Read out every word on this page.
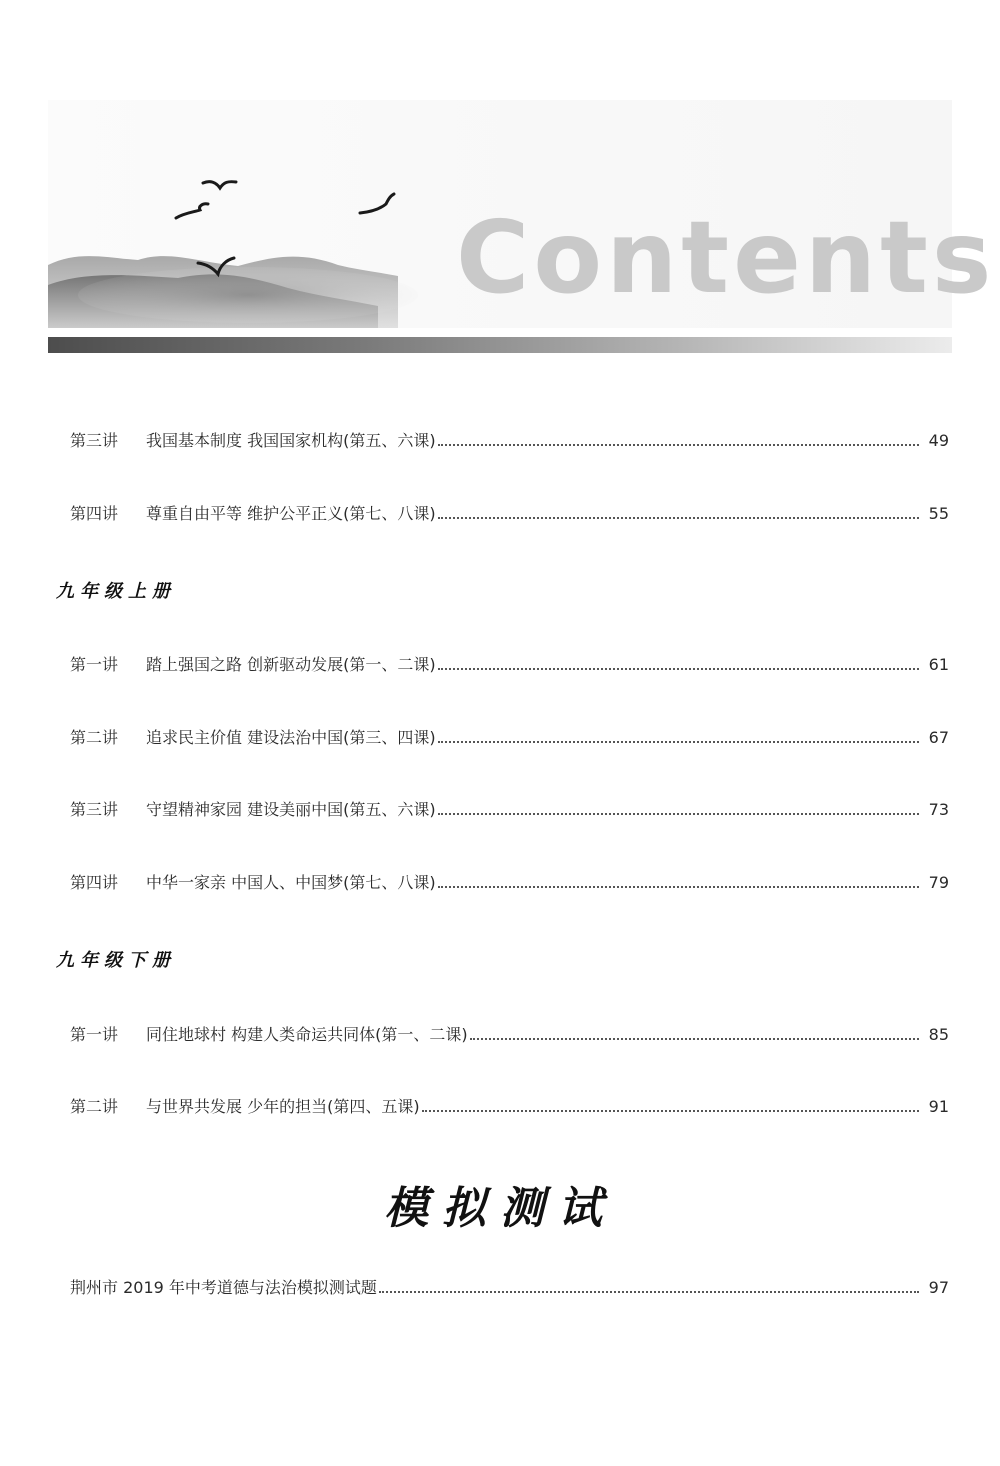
Contents
第三讲	我国基本制度 我国国家机构(第五、六课)	49
第四讲	尊重自由平等 维护公平正义(第七、八课)	55
九年级上册
第一讲	踏上强国之路 创新驱动发展(第一、二课)	61
第二讲	追求民主价值 建设法治中国(第三、四课)	67
第三讲	守望精神家园 建设美丽中国(第五、六课)	73
第四讲	中华一家亲 中国人、中国梦(第七、八课)	79
九年级下册
第一讲	同住地球村 构建人类命运共同体(第一、二课)	85
第二讲	与世界共发展 少年的担当(第四、五课)	91
模拟测试
荆州市 2019 年中考道德与法治模拟测试题	97
